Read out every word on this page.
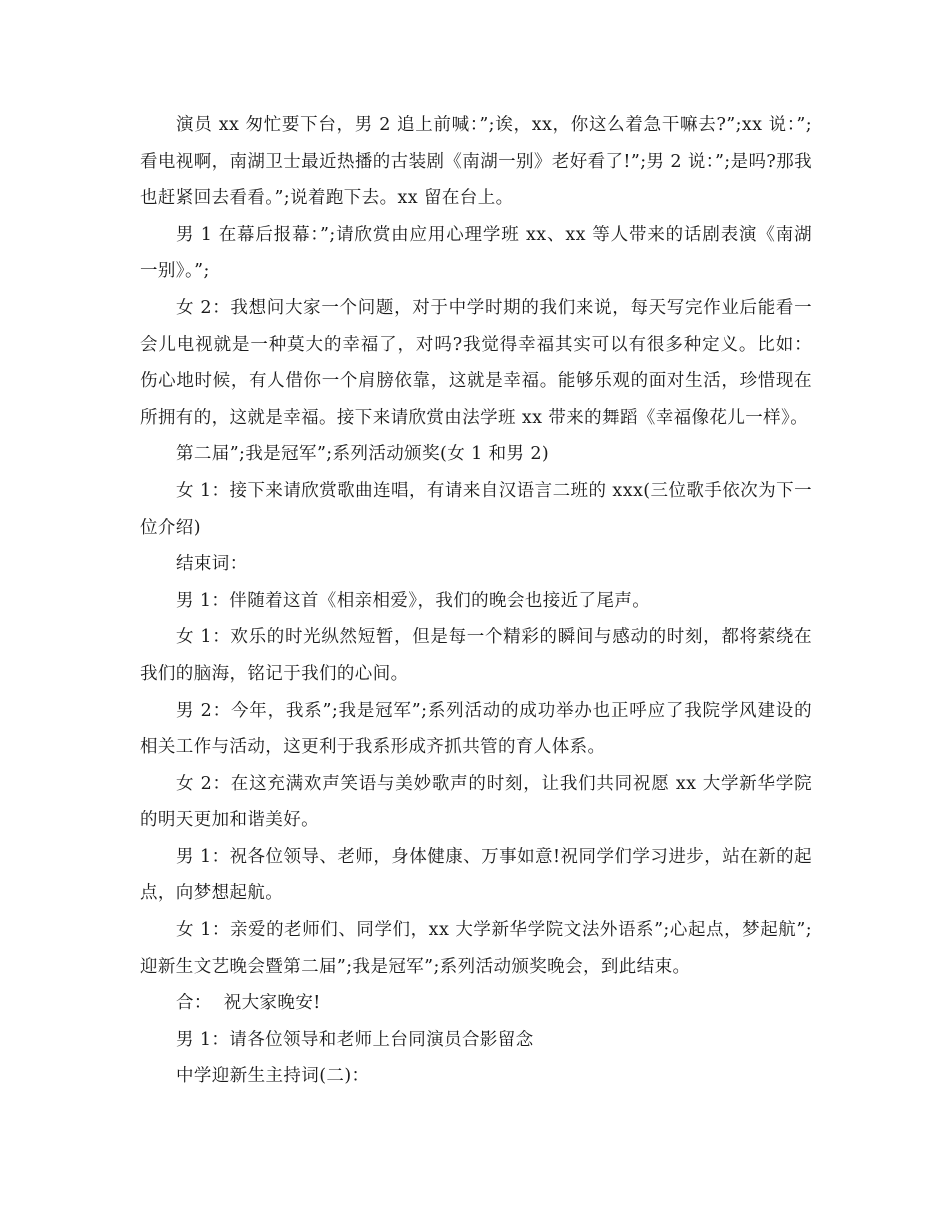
演员 xx 匆忙要下台，男 2 追上前喊：”;诶，xx，你这么着急干嘛去?”;xx 说：”;看电视啊，南湖卫士最近热播的古装剧《南湖一别》老好看了!”;男 2 说：”;是吗?那我也赶紧回去看看。”;说着跑下去。xx 留在台上。

男 1 在幕后报幕：”;请欣赏由应用心理学班 xx、xx 等人带来的话剧表演《南湖一别》。”;

女 2：我想问大家一个问题，对于中学时期的我们来说，每天写完作业后能看一会儿电视就是一种莫大的幸福了，对吗?我觉得幸福其实可以有很多种定义。比如：伤心地时候，有人借你一个肩膀依靠，这就是幸福。能够乐观的面对生活，珍惜现在所拥有的，这就是幸福。接下来请欣赏由法学班 xx 带来的舞蹈《幸福像花儿一样》。

第二届”;我是冠军”;系列活动颁奖(女 1 和男 2)

女 1：接下来请欣赏歌曲连唱，有请来自汉语言二班的 xxx(三位歌手依次为下一位介绍)

结束词：

男 1：伴随着这首《相亲相爱》，我们的晚会也接近了尾声。

女 1：欢乐的时光纵然短暂，但是每一个精彩的瞬间与感动的时刻，都将萦绕在我们的脑海，铭记于我们的心间。

男 2：今年，我系”;我是冠军”;系列活动的成功举办也正呼应了我院学风建设的相关工作与活动，这更利于我系形成齐抓共管的育人体系。

女 2：在这充满欢声笑语与美妙歌声的时刻，让我们共同祝愿 xx 大学新华学院的明天更加和谐美好。

男 1：祝各位领导、老师，身体健康、万事如意!祝同学们学习进步，站在新的起点，向梦想起航。

女 1：亲爱的老师们、同学们，xx 大学新华学院文法外语系”;心起点，梦起航”;迎新生文艺晚会暨第二届”;我是冠军”;系列活动颁奖晚会，到此结束。

合：  祝大家晚安!

男 1：请各位领导和老师上台同演员合影留念

中学迎新生主持词(二)：
